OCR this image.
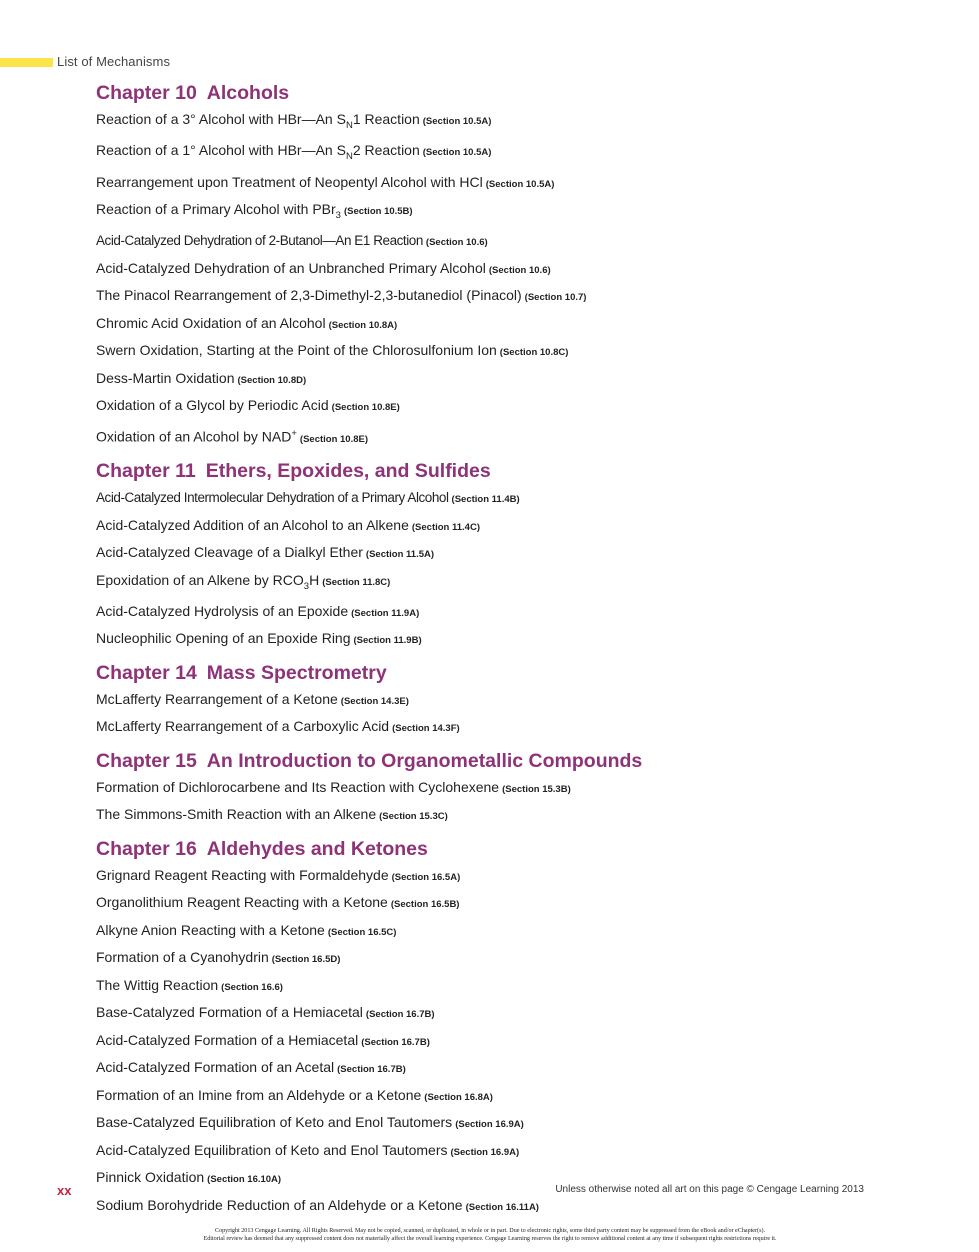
List of Mechanisms
Chapter 10 Alcohols
Reaction of a 3° Alcohol with HBr—An $S_N1$ Reaction (Section 10.5A)
Reaction of a 1° Alcohol with HBr—An $S_N2$ Reaction (Section 10.5A)
Rearrangement upon Treatment of Neopentyl Alcohol with HCl (Section 10.5A)
Reaction of a Primary Alcohol with PBr$_3$ (Section 10.5B)
Acid-Catalyzed Dehydration of 2-Butanol—An E1 Reaction (Section 10.6)
Acid-Catalyzed Dehydration of an Unbranched Primary Alcohol (Section 10.6)
The Pinacol Rearrangement of 2,3-Dimethyl-2,3-butanediol (Pinacol) (Section 10.7)
Chromic Acid Oxidation of an Alcohol (Section 10.8A)
Swern Oxidation, Starting at the Point of the Chlorosulfonium Ion (Section 10.8C)
Dess-Martin Oxidation (Section 10.8D)
Oxidation of a Glycol by Periodic Acid (Section 10.8E)
Oxidation of an Alcohol by NAD+(Section 10.8E)
Chapter 11 Ethers, Epoxides, and Sulfides
Acid-Catalyzed Intermolecular Dehydration of a Primary Alcohol (Section 11.4B)
Acid-Catalyzed Addition of an Alcohol to an Alkene (Section 11.4C)
Acid-Catalyzed Cleavage of a Dialkyl Ether (Section 11.5A)
Epoxidation of an Alkene by $RCO_3H$ (Section 11.8C)
Acid-Catalyzed Hydrolysis of an Epoxide (Section 11.9A)
Nucleophilic Opening of an Epoxide Ring (Section 11.9B)
Chapter 14 Mass Spectrometry
McLafferty Rearrangement of a Ketone (Section 14.3E)
McLafferty Rearrangement of a Carboxylic Acid (Section 14.3F)
Chapter 15 An Introduction to Organometallic Compounds
Formation of Dichlorocarbene and Its Reaction with Cyclohexene (Section 15.3B)
The Simmons-Smith Reaction with an Alkene (Section 15.3C)
Chapter 16 Aldehydes and Ketones
Grignard Reagent Reacting with Formaldehyde (Section 16.5A)
Organolithium Reagent Reacting with a Ketone (Section 16.5B)
Alkyne Anion Reacting with a Ketone (Section 16.5C)
Formation of a Cyanohydrin (Section 16.5D)
The Wittig Reaction (Section 16.6)
Base-Catalyzed Formation of a Hemiacetal (Section 16.7B)
Acid-Catalyzed Formation of a Hemiacetal (Section 16.7B)
Acid-Catalyzed Formation of an Acetal (Section 16.7B)
Formation of an Imine from an Aldehyde or a Ketone (Section 16.8A)
Base-Catalyzed Equilibration of Keto and Enol Tautomers (Section 16.9A)
Acid-Catalyzed Equilibration of Keto and Enol Tautomers (Section 16.9A)
Pinnick Oxidation (Section 16.10A)
Sodium Borohydride Reduction of an Aldehyde or a Ketone (Section 16.11A)
xx	Unless otherwise noted all art on this page © Cengage Learning 2013
Copyright 2013 Cengage Learning. All Rights Reserved. May not be copied, scanned, or duplicated, in whole or in part. Due to electronic rights, some third party content may be suppressed from the eBook and/or eChapter(s).
Editorial review has deemed that any suppressed content does not materially affect the overall learning experience. Cengage Learning reserves the right to remove additional content at any time if subsequent rights restrictions require it.
